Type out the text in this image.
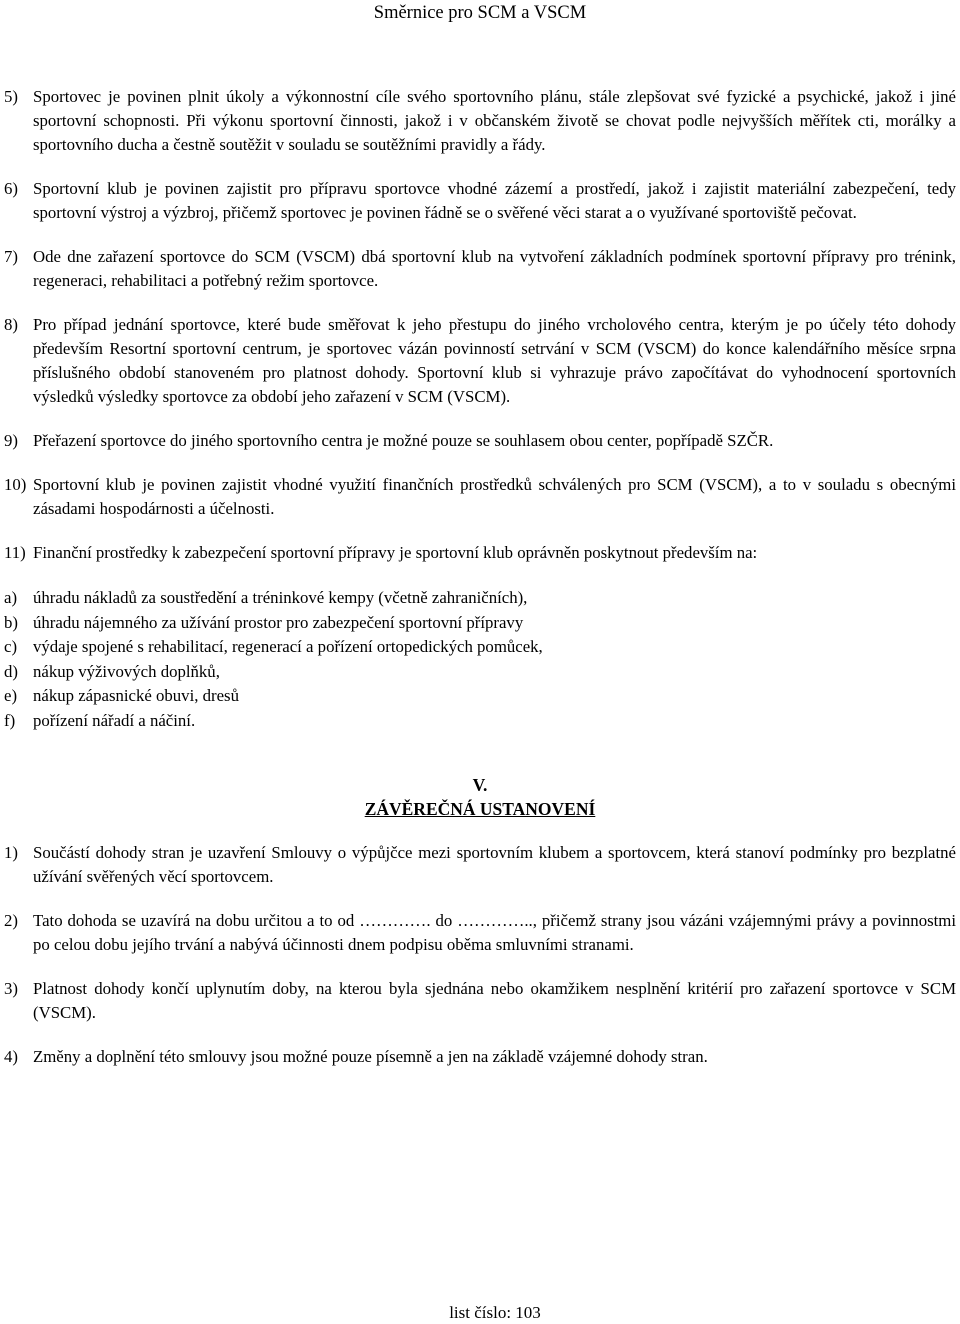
Směrnice pro SCM a VSCM
5) Sportovec je povinen plnit úkoly a výkonnostní cíle svého sportovního plánu, stále zlepšovat své fyzické a psychické, jakož i jiné sportovní schopnosti. Při výkonu sportovní činnosti, jakož i v občanském životě se chovat podle nejvyšších měřítek cti, morálky a sportovního ducha a čestně soutěžit v souladu se soutěžními pravidly a řády.
6) Sportovní klub je povinen zajistit pro přípravu sportovce vhodné zázemí a prostředí, jakož i zajistit materiální zabezpečení, tedy sportovní výstroj a výzbroj, přičemž sportovec je povinen řádně se o svěřené věci starat a o využívané sportoviště pečovat.
7) Ode dne zařazení sportovce do SCM (VSCM) dbá sportovní klub na vytvoření základních podmínek sportovní přípravy pro trénink, regeneraci, rehabilitaci a potřebný režim sportovce.
8) Pro případ jednání sportovce, které bude směřovat k jeho přestupu do jiného vrcholového centra, kterým je po účely této dohody především Resortní sportovní centrum, je sportovec vázán povinností setrvání v SCM (VSCM) do konce kalendářního měsíce srpna příslušného období stanoveném pro platnost dohody. Sportovní klub si vyhrazuje právo započítávat do vyhodnocení sportovních výsledků výsledky sportovce za období jeho zařazení v SCM (VSCM).
9) Přeřazení sportovce do jiného sportovního centra je možné pouze se souhlasem obou center, popřípadě SZČR.
10) Sportovní klub je povinen zajistit vhodné využití finančních prostředků schválených pro SCM (VSCM), a to v souladu s obecnými zásadami hospodárnosti a účelnosti.
11) Finanční prostředky k zabezpečení sportovní přípravy je sportovní klub oprávněn poskytnout především na:
a) úhradu nákladů za soustředění a tréninkové kempy (včetně zahraničních),
b) úhradu nájemného za užívání prostor pro zabezpečení sportovní přípravy
c) výdaje spojené s rehabilitací, regenerací a pořízení ortopedických pomůcek,
d) nákup výživových doplňků,
e) nákup zápasnické obuvi, dresů
f)	pořízení nářadí a náčiní.
V.
ZÁVĚREČNÁ USTANOVENÍ
1) Součástí dohody stran je uzavření Smlouvy o výpůjčce mezi sportovním klubem a sportovcem, která stanoví podmínky pro bezplatné užívání svěřených věcí sportovcem.
2) Tato dohoda se uzavírá na dobu určitou a to od …………. do ………….., přičemž strany jsou vázáni vzájemnými právy a povinnostmi po celou dobu jejího trvání a nabývá účinnosti dnem podpisu oběma smluvními stranami.
3) Platnost dohody končí uplynutím doby, na kterou byla sjednána nebo okamžikem nesplnění kritérií pro zařazení sportovce v SCM (VSCM).
4) Změny a doplnění této smlouvy jsou možné pouze písemně a jen na základě vzájemné dohody stran.
list číslo: 103
